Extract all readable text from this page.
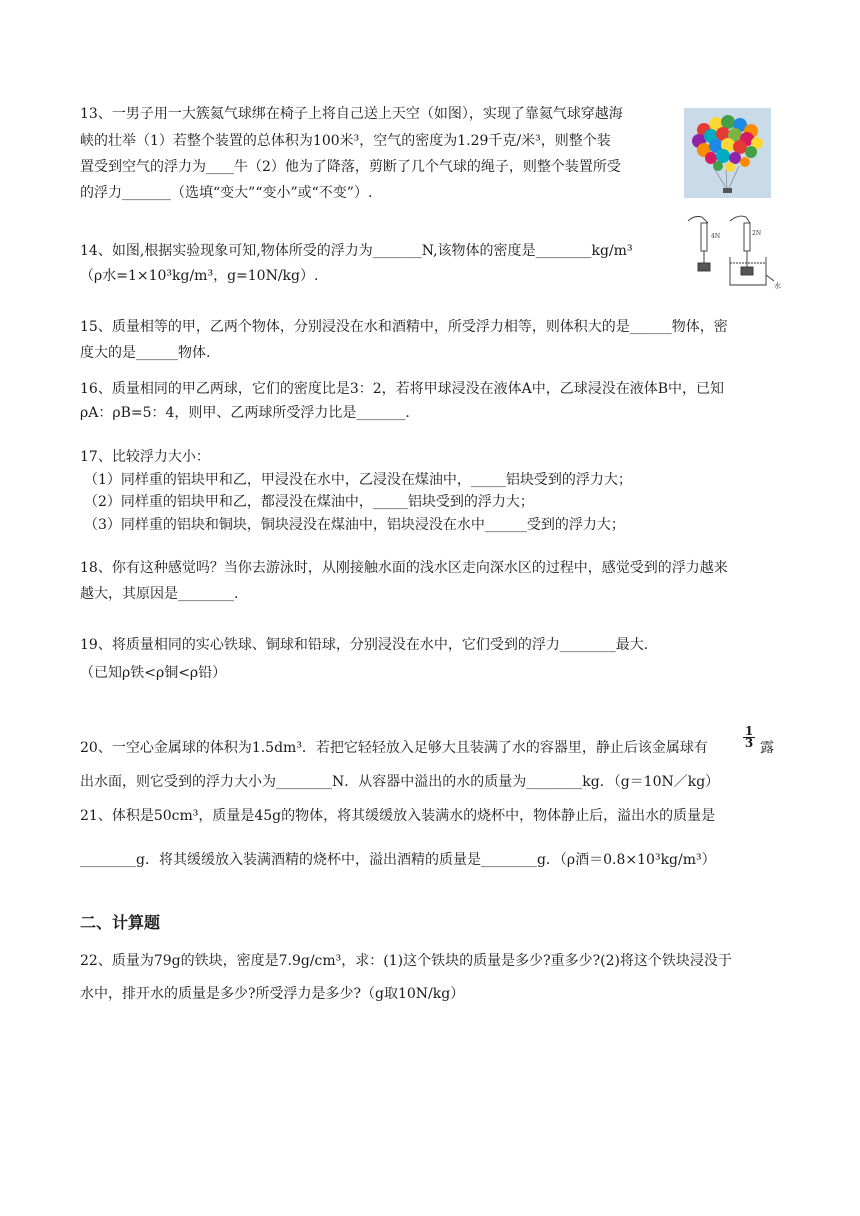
13、一男子用一大簇氦气球绑在椅子上将自己送上天空（如图），实现了靠氦气球穿越海
峡的壮举（1）若整个装置的总体积为100米³，空气的密度为1.29千克/米³，则整个装
置受到空气的浮力为____牛（2）他为了降落，剪断了几个气球的绳子，则整个装置所受
的浮力_______（选填“变大”“变小”或“不变”）.
14、如图,根据实验现象可知,物体所受的浮力为_______N,该物体的密度是________kg/m³
（ρ水=1×10³kg/m³，g=10N/kg）.
4N	2N
水
15、质量相等的甲，乙两个物体，分别浸没在水和酒精中，所受浮力相等，则体积大的是______物体，密
度大的是______物体.
16、质量相同的甲乙两球，它们的密度比是3：2，若将甲球浸没在液体A中，乙球浸没在液体B中，已知
ρA：ρB=5：4，则甲、乙两球所受浮力比是_______.
17、比较浮力大小：
（1）同样重的铝块甲和乙，甲浸没在水中，乙浸没在煤油中，_____铝块受到的浮力大；
（2）同样重的铝块甲和乙，都浸没在煤油中，_____铝块受到的浮力大；
（3）同样重的铝块和铜块，铜块浸没在煤油中，铝块浸没在水中______受到的浮力大；
18、你有这种感觉吗？当你去游泳时，从刚接触水面的浅水区走向深水区的过程中，感觉受到的浮力越来
越大，其原因是________.
19、将质量相同的实心铁球、铜球和铅球，分别浸没在水中，它们受到的浮力________最大.
（已知ρ铁<ρ铜<ρ铅）
20、一空心金属球的体积为1.5dm³．若把它轻轻放入足够大且装满了水的容器里，静止后该金属球有	$\frac{1}{3}$ 露
出水面，则它受到的浮力大小为________N．从容器中溢出的水的质量为________kg．（g＝10N／kg）
21、体积是50cm³，质量是45g的物体，将其缓缓放入装满水的烧杯中，物体静止后，溢出水的质量是
________g．将其缓缓放入装满酒精的烧杯中，溢出酒精的质量是________g．（ρ酒＝0.8×10³kg/m³）
二、计算题
22、质量为79g的铁块，密度是7.9g/cm³，求：(1)这个铁块的质量是多少?重多少?(2)将这个铁块浸没于
水中，排开水的质量是多少?所受浮力是多少?（g取10N/kg）
